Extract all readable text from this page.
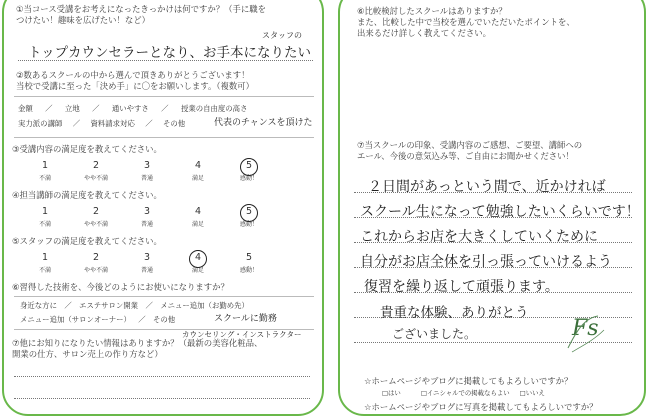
①当コース受講をお考えになったきっかけは何ですか？（手に職を
つけたい！趣味を広げたい！など）
スタッフの
トップカウンセラーとなり、お手本になりたい
②数あるスクールの中から選んで頂きありがとうございます！
当校で受講に至った「決め手」に〇をお願いします。（複数可）
金額 ／ 立地 ／ 通いやすさ ／ 授業の自由度の高さ
実力派の講師 ／ 資料請求対応 ／ その他	代表のチャンスを頂けた
③受講内容の満足度を教えてください。
1	2	3	4	5
不満	やや不満	普通	満足	感動！
④担当講師の満足度を教えてください。
1	2	3	4	5
不満	やや不満	普通	満足	感動！
⑤スタッフの満足度を教えてください。
1	2	3	4	5
不満	やや不満	普通	満足	感動！
⑥習得した技術を、今後どのようにお使いになりますか？
身近な方に ／ エステサロン開業 ／ メニュー追加（お勤め先）
メニュー追加（サロンオーナー） ／ その他	スクールに勤務
カウンセリング・インストラクター
⑦他にお知りになりたい情報はありますか？（最新の美容化粧品、
開業の仕方、サロン売上の作り方など）
⑥比較検討したスクールはありますか？
また、比較した中で当校を選んでいただいたポイントを、
出来るだけ詳しく教えてください。
⑦当スクールの印象、受講内容のご感想、ご要望、講師への
エール、今後の意気込み等、ご自由にお聞かせください！
２日間があっという間で、近かければ
スクール生になって勉強したいくらいです！
これからお店を大きくしていくために
自分がお店全体を引っ張っていけるよう
復習を繰り返して頑張ります。
貴重な体験、ありがとう
ございました。	Fs
☆ホームページやブログに掲載してもよろしいですか？
□はい	□イニシャルでの掲載ならよい □いいえ
☆ホームページやブログに写真を掲載してもよろしいですか？
